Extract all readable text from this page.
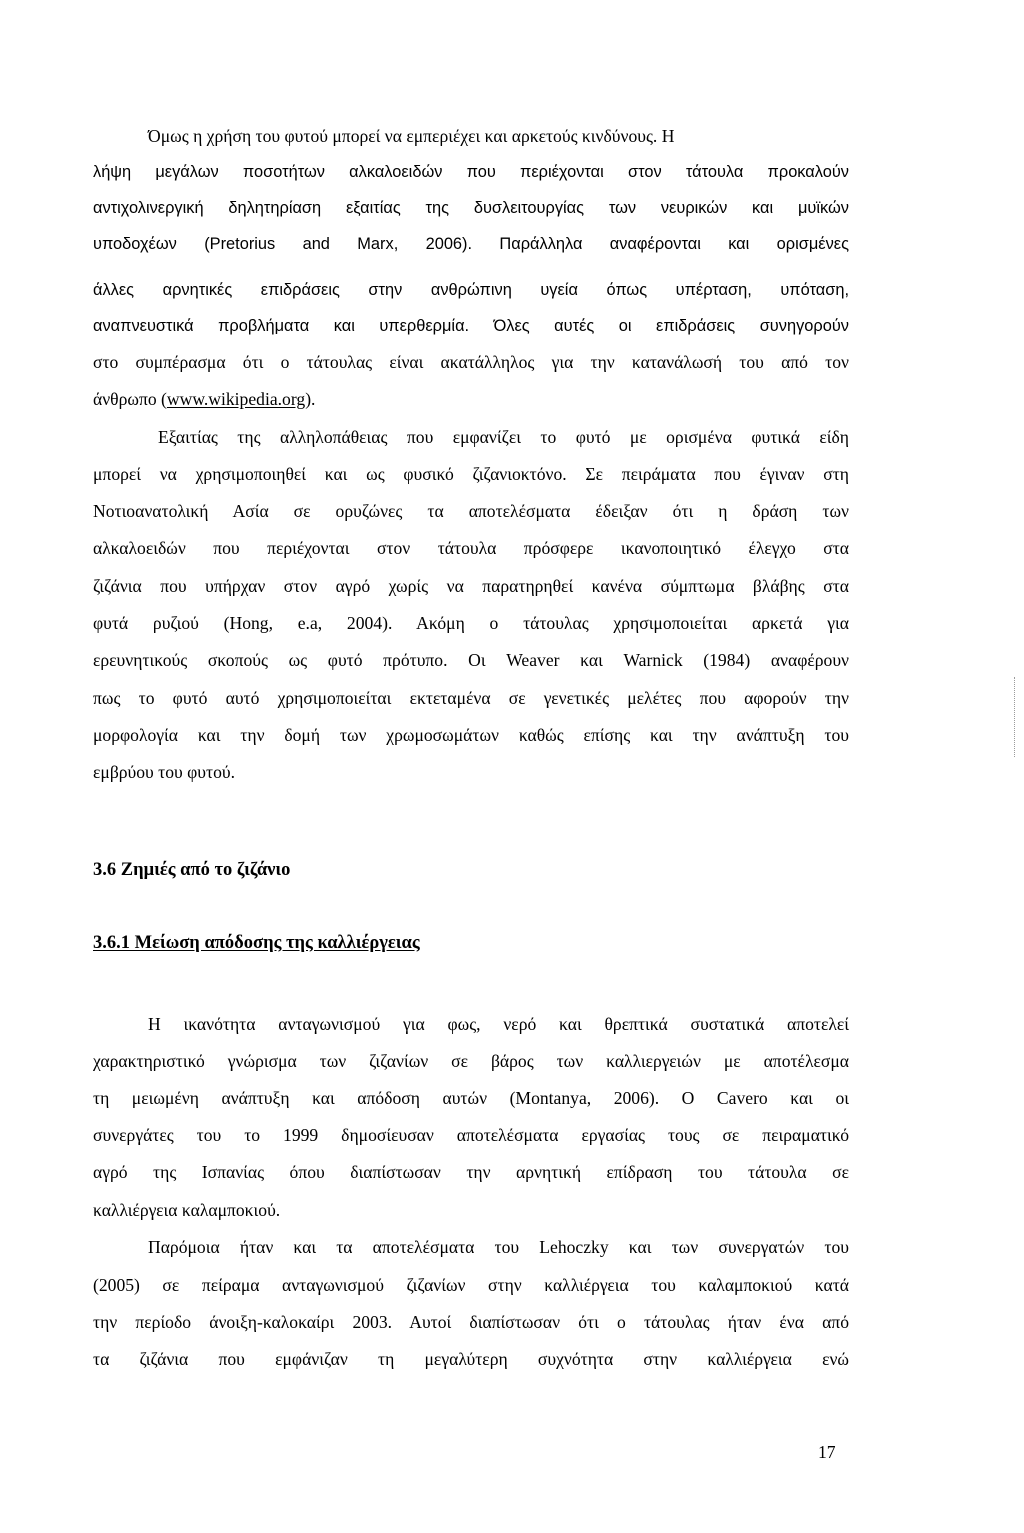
Όμως η χρήση του φυτού μπορεί να εμπεριέχει και αρκετούς κινδύνους. Η

λήψη μεγάλων ποσοτήτων αλκαλοειδών που περιέχονται στον τάτουλα προκαλούν

αντιχολινεργική δηλητηρίαση εξαιτίας της δυσλειτουργίας των νευρικών και μυϊκών

υποδοχέων (Pretorius and Marx, 2006). Παράλληλα αναφέρονται και ορισμένες

άλλες αρνητικές επιδράσεις στην ανθρώπινη υγεία όπως υπέρταση, υπόταση,

αναπνευστικά προβλήματα και υπερθερμία. Όλες αυτές οι επιδράσεις συνηγορούν

στο συμπέρασμα ότι ο τάτουλας είναι ακατάλληλος για την κατανάλωσή του από τον

άνθρωπο (www.wikipedia.org).

Εξαιτίας της αλληλοπάθειας που εμφανίζει το φυτό με ορισμένα φυτικά είδη

μπορεί να χρησιμοποιηθεί και ως φυσικό ζιζανιοκτόνο. Σε πειράματα που έγιναν στη

Νοτιοανατολική Ασία σε ορυζώνες τα αποτελέσματα έδειξαν ότι η δράση των

αλκαλοειδών που περιέχονται στον τάτουλα πρόσφερε ικανοποιητικό έλεγχο στα

ζιζάνια που υπήρχαν στον αγρό χωρίς να παρατηρηθεί κανένα σύμπτωμα βλάβης στα

φυτά ρυζιού (Hong, e.a, 2004). Ακόμη ο τάτουλας χρησιμοποιείται αρκετά για

ερευνητικούς σκοπούς ως φυτό πρότυπο. Οι Weaver και Warnick (1984) αναφέρουν

πως το φυτό αυτό χρησιμοποιείται εκτεταμένα σε γενετικές μελέτες που αφορούν την

μορφολογία και την δομή των χρωμοσωμάτων καθώς επίσης και την ανάπτυξη του

εμβρύου του φυτού.

3.6 Ζημιές από το ζιζάνιο

3.6.1 Μείωση απόδοσης της καλλιέργειας

Η ικανότητα ανταγωνισμού για φως, νερό και θρεπτικά συστατικά αποτελεί

χαρακτηριστικό γνώρισμα των ζιζανίων σε βάρος των καλλιεργειών με αποτέλεσμα

τη μειωμένη ανάπτυξη και απόδοση αυτών (Montanya, 2006). Ο Cavero και οι

συνεργάτες του το 1999 δημοσίευσαν αποτελέσματα εργασίας τους σε πειραματικό

αγρό της Ισπανίας όπου διαπίστωσαν την αρνητική επίδραση του τάτουλα σε

καλλιέργεια καλαμποκιού.

Παρόμοια ήταν και τα αποτελέσματα του Lehoczky και των συνεργατών του

(2005) σε πείραμα ανταγωνισμού ζιζανίων στην καλλιέργεια του καλαμποκιού κατά

την περίοδο άνοιξη-καλοκαίρι 2003. Αυτοί διαπίστωσαν ότι ο τάτουλας ήταν ένα από

τα ζιζάνια που εμφάνιζαν τη μεγαλύτερη συχνότητα στην καλλιέργεια ενώ

17
